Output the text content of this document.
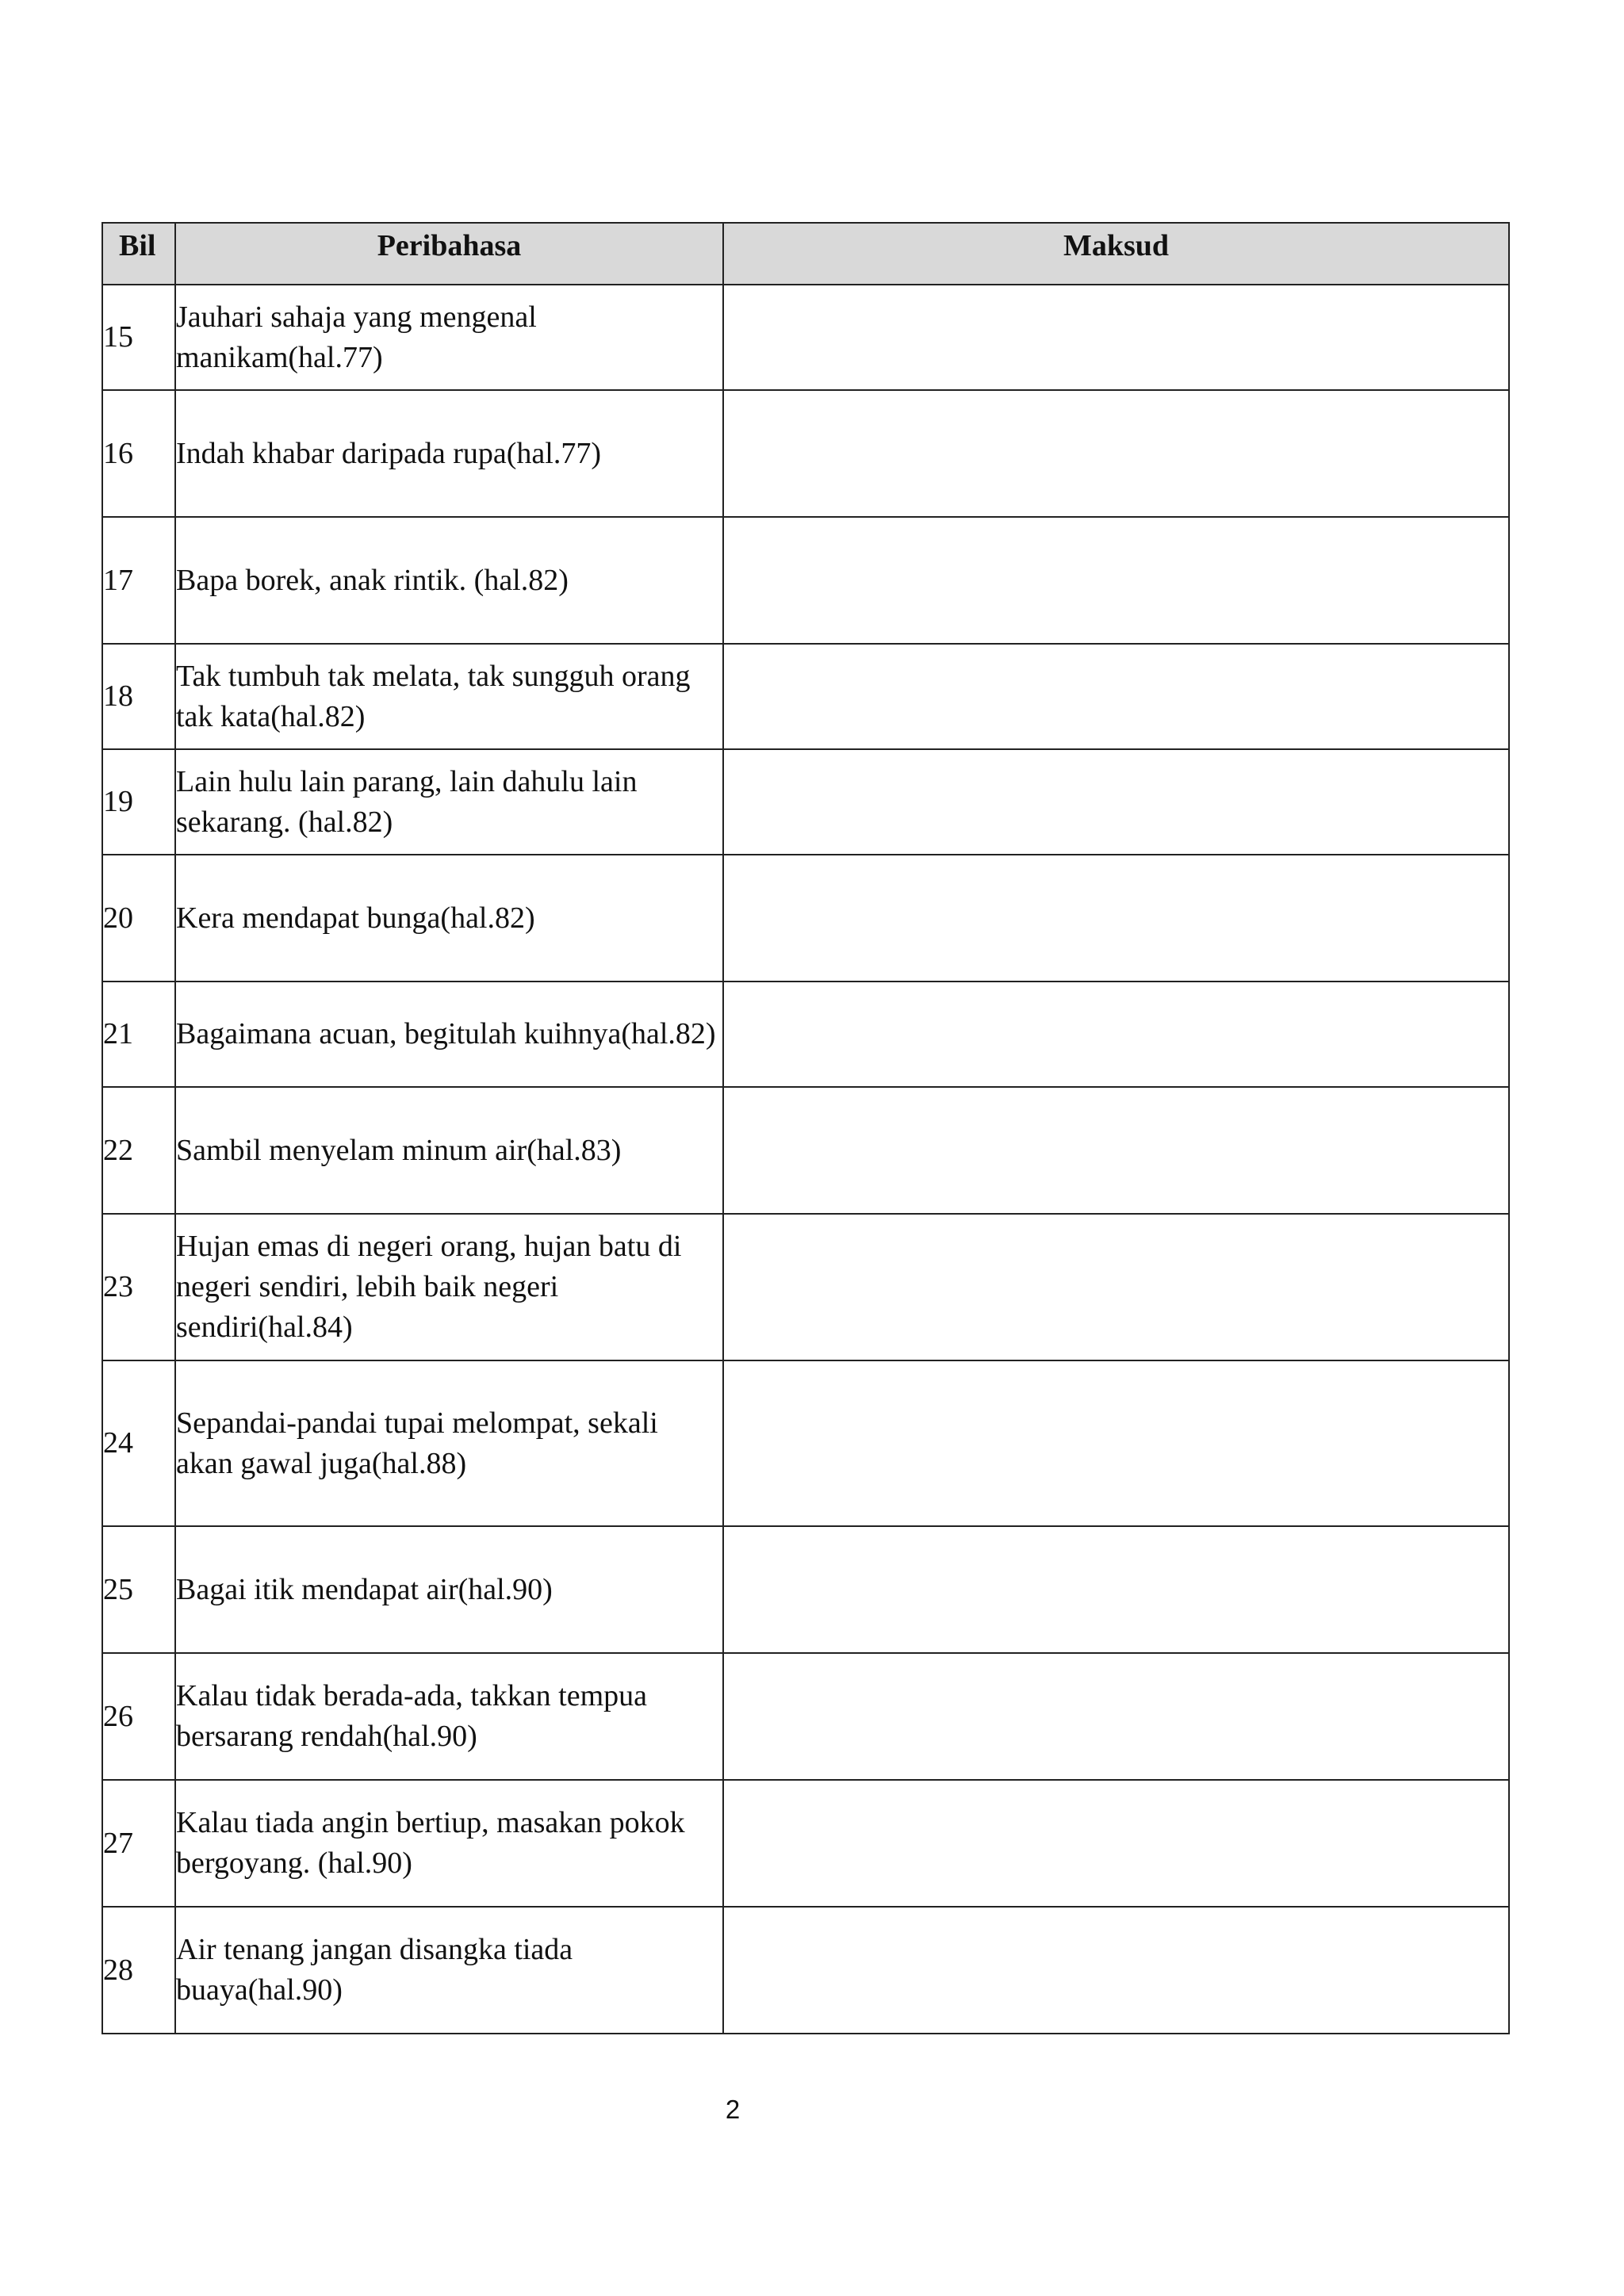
Bil	Peribahasa	Maksud
15	Jauhari sahaja yang mengenal manikam(hal.77)	

16	Indah khabar daripada rupa(hal.77)	

17	Bapa borek, anak rintik. (hal.82)	

18	Tak tumbuh tak melata, tak sungguh orang tak kata(hal.82)	

19	Lain hulu lain parang, lain dahulu lain sekarang. (hal.82)	

20	Kera mendapat bunga(hal.82)	

21	Bagaimana acuan, begitulah kuihnya(hal.82)	

22	Sambil menyelam minum air(hal.83)	

23	Hujan emas di negeri orang, hujan batu di negeri sendiri, lebih baik negeri sendiri(hal.84)	

24	Sepandai-pandai tupai melompat, sekali akan gawal juga(hal.88)	

25	Bagai itik mendapat air(hal.90)	

26	Kalau tidak berada-ada, takkan tempua bersarang rendah(hal.90)	

27	Kalau tiada angin bertiup, masakan pokok bergoyang. (hal.90)	

28	Air tenang jangan disangka tiada buaya(hal.90)	

2
